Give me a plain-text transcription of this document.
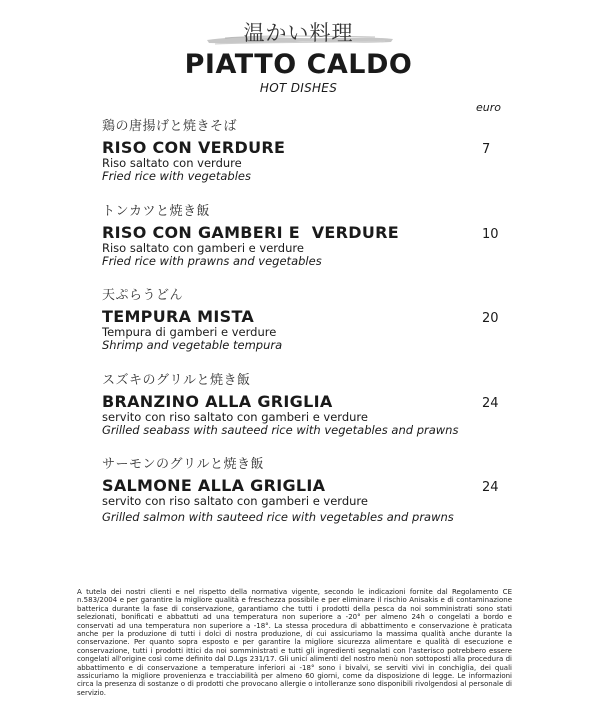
温かい料理
PIATTO CALDO
HOT DISHES
euro
鶏の唐揚げと焼きそば
RISO CON VERDURE
Riso saltato con verdure
Fried rice with vegetables
7
トンカツと焼き飯
RISO CON GAMBERI E  VERDURE
Riso saltato con gamberi e verdure
Fried rice with prawns and vegetables
10
天ぷらうどん
TEMPURA MISTA
Tempura di gamberi e verdure
Shrimp and vegetable tempura
20
スズキのグリルと焼き飯
BRANZINO ALLA GRIGLIA
servito con riso saltato con gamberi e verdure
Grilled seabass with sauteed rice with vegetables and prawns
24
サーモンのグリルと焼き飯
SALMONE ALLA GRIGLIA
servito con riso saltato con gamberi e verdure
Grilled salmon with sauteed rice with vegetables and prawns
24
A tutela dei nostri clienti e nel rispetto della normativa vigente, secondo le indicazioni fornite dal Regolamento CE n.583/2004 e per garantire la migliore qualità e freschezza possibile e per eliminare il rischio Anisakis e di contaminazione batterica durante la fase di conservazione, garantiamo che tutti i prodotti della pesca da noi somministrati sono stati selezionati, bonificati e abbattuti ad una temperatura non superiore a -20° per almeno 24h o congelati a bordo e conservati ad una temperatura non superiore a -18°. La stessa procedura di abbattimento e conservazione è praticata anche per la produzione di tutti i dolci di nostra produzione, di cui assicuriamo la massima qualità anche durante la conservazione. Per quanto sopra esposto e per garantire la migliore sicurezza alimentare e qualità di esecuzione e conservazione, tutti i prodotti ittici da noi somministrati e tutti gli ingredienti segnalati con l'asterisco potrebbero essere congelati all'origine così come definito dal D.Lgs 231/17. Gli unici alimenti del nostro menù non sottoposti alla procedura di abbattimento e di conservazione a temperature inferiori ai -18° sono i bivalvi, se serviti vivi in conchiglia, dei quali assicuriamo la migliore provenienza e tracciabilità per almeno 60 giorni, come da disposizione di legge. Le informazioni circa la presenza di sostanze o di prodotti che provocano allergie o intolleranze sono disponibili rivolgendosi al personale di servizio.
